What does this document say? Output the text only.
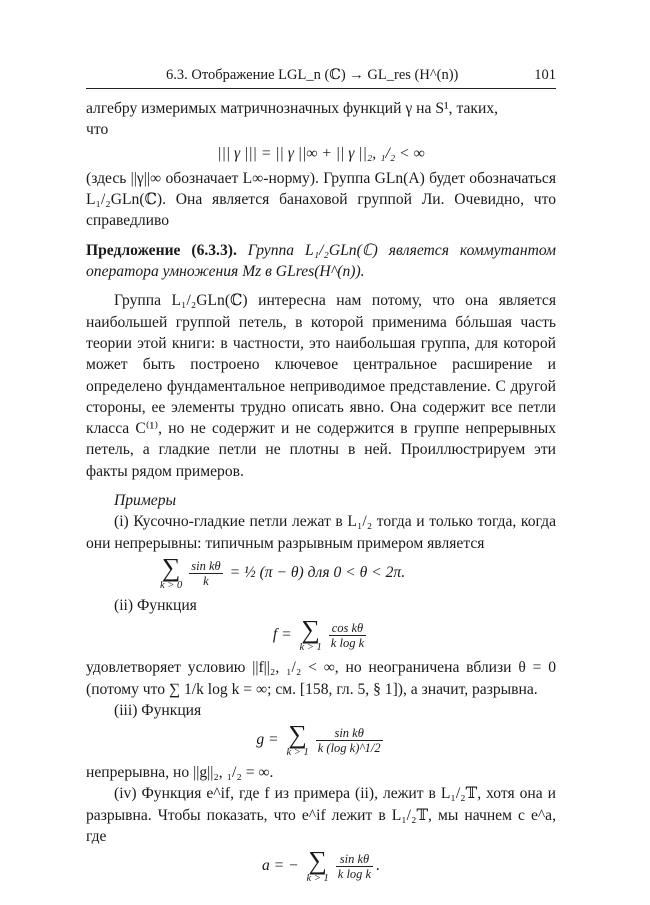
6.3. Отображение LGL_n (ℂ) → GL_res (H^(n))	101

алгебру измеримых матричнозначных функций γ на S¹, таких,

что

||| γ ||| = || γ ||∞ + || γ ||₂, ₁/₂ < ∞

(здесь ||γ||∞ обозначает L∞-норму). Группа GLn(A) будет обозначаться L₁/₂GLn(ℂ). Она является банаховой группой Ли. Очевидно, что справедливо

Предложение (6.3.3). Группа L₁/₂GLn(ℂ) является коммутантом оператора умножения Mz в GLres(H^(n)).

Группа L₁/₂GLn(ℂ) интересна нам потому, что она является наибольшей группой петель, в которой применима бóльшая часть теории этой книги: в частности, это наибольшая группа, для которой может быть построено ключевое центральное расширение и определено фундаментальное неприводимое представление. С другой стороны, ее элементы трудно описать явно. Она содержит все петли класса C⁽¹⁾, но не содержит и не содержится в группе непрерывных петель, а гладкие петли не плотны в ней. Проиллюстрируем эти факты рядом примеров.

Примеры

(i) Кусочно-гладкие петли лежат в L₁/₂ тогда и только тогда, когда они непрерывны: типичным разрывным примером является

∑
$k > 0 \frac{\text{sin kθ}}{k}$ = ½ (π − θ) для 0 < θ < 2π.

(ii) Функция

f = ∑
$k > 1 \frac{\text{cos kθ}}{\text{k log k}}$

удовлетворяет условию ||f||₂, ₁/₂ < ∞, но неограничена вблизи θ = 0 (потому что ∑ 1/k log k = ∞; см. [158, гл. 5, § 1]), а значит, разрывна.

(iii) Функция

g = ∑
$k > 1 \frac{\text{sin kθ}}{\text{k (log k)\textasciicircum{}1/2}}$

непрерывна, но ||g||₂, ₁/₂ = ∞.

(iv) Функция e^if, где f из примера (ii), лежит в L₁/₂𝕋, хотя она и разрывна. Чтобы показать, что e^if лежит в L₁/₂𝕋, мы начнем с e^a, где

a = − ∑
$k > 1 \frac{\text{sin kθ}}{\text{k log k}}$ .
